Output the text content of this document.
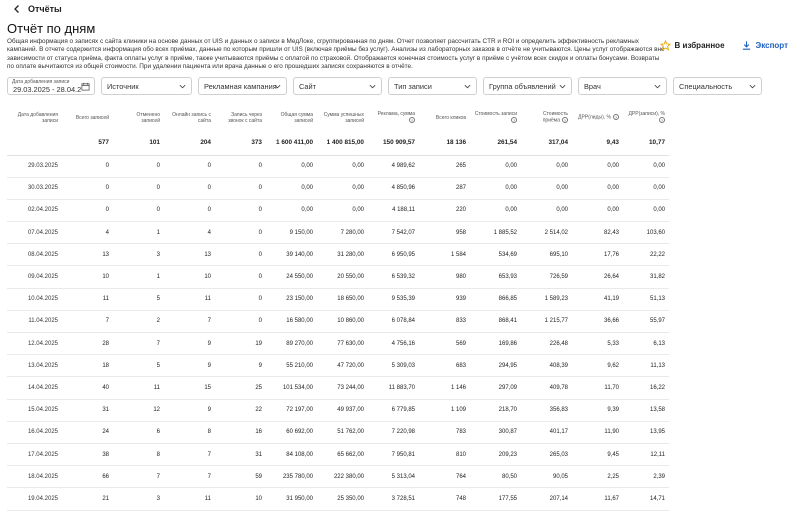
Отчёты
Отчёт по дням
Общая информация о записях с сайта клиники на основе данных от UIS и данных о записи в МедЛоке, сгруппированная по дням. Отчет позволяет рассчитать CTR и ROI и определить эффективность рекламных кампаний. В отчете содержится информация обо всех приёмах, данные по которым пришли от UIS (включая приёмы без услуг). Анализы из лабораторных заказов в отчёте не учитываются. Цены услуг отображаются вне зависимости от статуса приёма, факта оплаты услуг в приёме, также учитываются приёмы с оплатой по страховой. Отображается конечная стоимость услуг в приёме с учётом всех скидок и оплаты бонусами. Возвраты по оплате вычитаются из общей стоимости. При удалении пациента или врача данные о его прошедших записях сохраняются в отчёте.
В избранное	Экспорт
Дата добавления записи
29.03.2025 - 28.04.2	Источник	Рекламная кампания	Сайт	Тип записи	Группа объявлений	Врач	Специальность
Дата добавления записи	Всего записей	Отменено записей	Онлайн запись с сайта	Запись через звонок с сайта	Общая сумма записей	Сумма успешных записей	Реклама, сумма?	Всего кликов	Стоимость записи?	Стоимость приёма ?	ДРР(лиды), % ?	ДРР(записи), %?
	577	101	204	373	1 600 411,00	1 400 815,00	150 909,57	18 136	261,54	317,04	9,43	10,77
29.03.2025	0	0	0	0	0,00	0,00	4 989,62	265	0,00	0,00	0,00	0,00
30.03.2025	0	0	0	0	0,00	0,00	4 850,96	287	0,00	0,00	0,00	0,00
02.04.2025	0	0	0	0	0,00	0,00	4 188,11	220	0,00	0,00	0,00	0,00
07.04.2025	4	1	4	0	9 150,00	7 280,00	7 542,07	958	1 885,52	2 514,02	82,43	103,60
08.04.2025	13	3	13	0	39 140,00	31 280,00	6 950,95	1 584	534,69	695,10	17,76	22,22
09.04.2025	10	1	10	0	24 550,00	20 550,00	6 539,32	980	653,93	726,59	26,64	31,82
10.04.2025	11	5	11	0	23 150,00	18 650,00	9 535,39	939	866,85	1 589,23	41,19	51,13
11.04.2025	7	2	7	0	16 580,00	10 860,00	6 078,84	833	868,41	1 215,77	36,66	55,97
12.04.2025	28	7	9	19	89 270,00	77 630,00	4 756,16	569	169,86	226,48	5,33	6,13
13.04.2025	18	5	9	9	55 210,00	47 720,00	5 309,03	683	294,95	408,39	9,62	11,13
14.04.2025	40	11	15	25	101 534,00	73 244,00	11 883,70	1 146	297,09	409,78	11,70	16,22
15.04.2025	31	12	9	22	72 197,00	49 937,00	6 779,85	1 109	218,70	356,83	9,39	13,58
16.04.2025	24	6	8	16	60 692,00	51 762,00	7 220,98	783	300,87	401,17	11,90	13,95
17.04.2025	38	8	7	31	84 108,00	65 662,00	7 950,81	810	209,23	265,03	9,45	12,11
18.04.2025	66	7	7	59	235 780,00	222 380,00	5 313,04	764	80,50	90,05	2,25	2,39
19.04.2025	21	3	11	10	31 950,00	25 350,00	3 728,51	748	177,55	207,14	11,67	14,71
